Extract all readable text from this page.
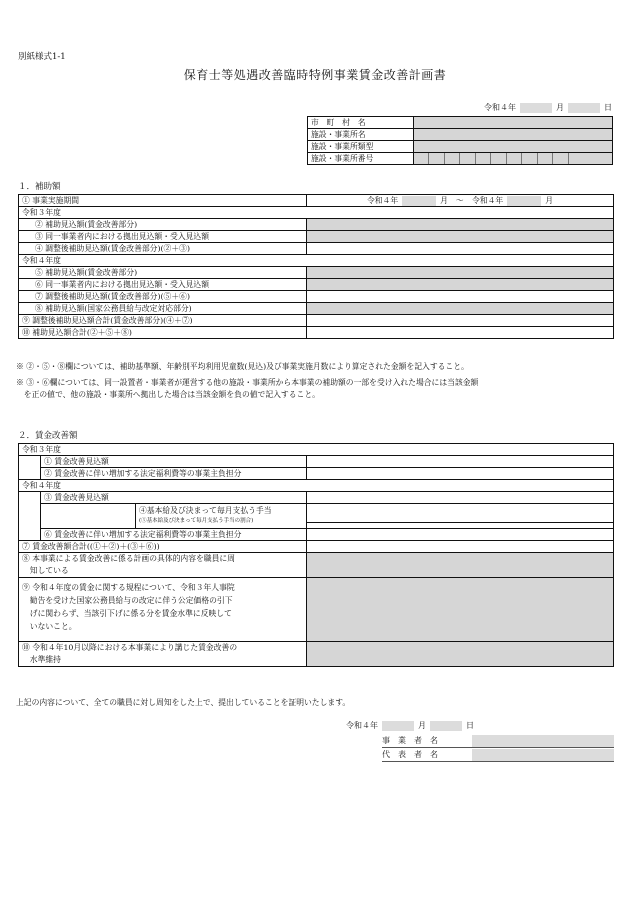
別紙様式1-1
保育士等処遇改善臨時特例事業賃金改善計画書
令和４年	月	日
市　町　村　名	
施設・事業所名	
施設・事業所類型	
施設・事業所番号	
１．補助額
① 事業実施期間	令和４年 月　～ 令和４年 月
令和３年度	
② 補助見込額(賃金改善部分)	
③ 同一事業者内における拠出見込額・受入見込額	
④ 調整後補助見込額(賃金改善部分)(②＋③)	
令和４年度	
⑤ 補助見込額(賃金改善部分)	
⑥ 同一事業者内における拠出見込額・受入見込額	
⑦ 調整後補助見込額(賃金改善部分)(⑤＋⑥)	
⑧ 補助見込額(国家公務員給与改定対応部分)	
⑨ 調整後補助見込額合計(賃金改善部分)(④＋⑦)	
⑩ 補助見込額合計(②＋⑤＋⑧)	
※ ②・⑤・⑧欄については、補助基準額、年齢別平均利用児童数(見込)及び事業実施月数により算定された金額を記入すること。
※ ③・⑥欄については、同一設置者・事業者が運営する他の施設・事業所から本事業の補助額の一部を受け入れた場合には当該金額
　を正の値で、他の施設・事業所へ拠出した場合は当該金額を負の値で記入すること。
２．賃金改善額
令和３年度			
	① 賃金改善見込額		
	② 賃金改善に伴い増加する法定福利費等の事業主負担分		
令和４年度			
	③ 賃金改善見込額		

		④基本給及び決まって毎月支払う手当
(⑤基本給及び決まって毎月支払う手当の割合)	

	⑥ 賃金改善に伴い増加する法定福利費等の事業主負担分		
⑦ 賃金改善額合計((①＋②)＋(③＋⑥))			

⑧ 本事業による賃金改善に係る計画の具体的内容を職員に周
　知している			

⑨ 令和４年度の賃金に関する規程について、令和３年人事院
　勧告を受けた国家公務員給与の改定に伴う公定価格の引下
　げに関わらず、当該引下げに係る分を賃金水準に反映して
　いないこと。			

⑩ 令和４年10月以降における本事業により講じた賃金改善の
　水準維持			

上記の内容について、全ての職員に対し周知をした上で、提出していることを証明いたします。
令和４年	月	日
事　業　者　名
代　表　者　名
